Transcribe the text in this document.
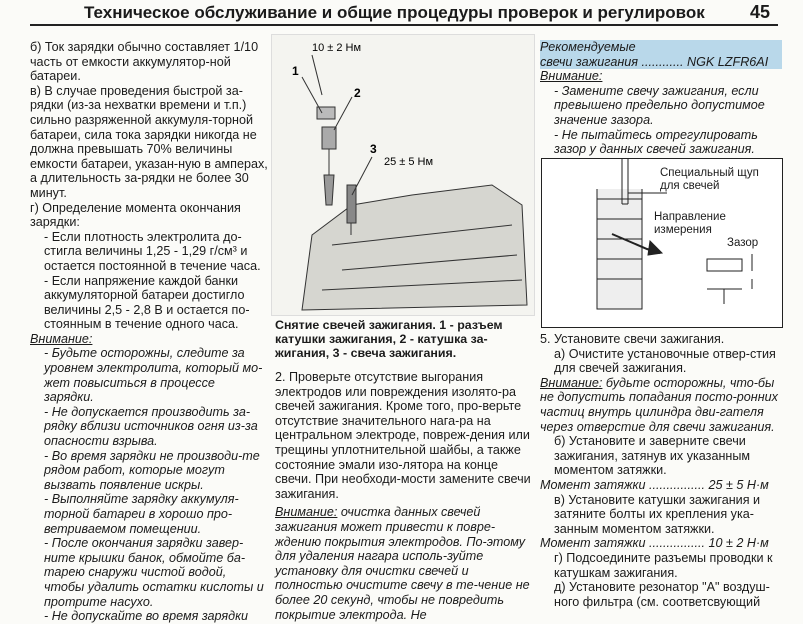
Техническое обслуживание и общие процедуры проверок и регулировок	45

б) Ток зарядки обычно составляет 1/10 часть от емкости аккумулятор-ной батареи.

в) В случае проведения быстрой за-рядки (из-за нехватки времени и т.п.) сильно разряженной аккумуля-торной батареи, сила тока зарядки никогда не должна превышать 70% величины емкости батареи, указан-ную в амперах, а длительность за-рядки не более 30 минут.

г) Определение момента окончания зарядки:

- Если плотность электролита до-стигла величины 1,25 - 1,29 г/см³ и остается постоянной в течение часа.

- Если напряжение каждой банки аккумуляторной батареи достигло величины 2,5 - 2,8 В и остается по-стоянным в течение одного часа.

Внимание:

- Будьте осторожны, следите за уровнем электролита, который мо-жет повыситься в процессе зарядки.

- Не допускается производить за-рядку вблизи источников огня из-за опасности взрыва.

- Во время зарядки не производи-те рядом работ, которые могут вызвать появление искры.

- Выполняйте зарядку аккумуля-торной батареи в хорошо про-ветриваемом помещении.

- После окончания зарядки завер-ните крышки банок, обмойте ба-тарею снаружи чистой водой, чтобы удалить остатки кислоты и протрите насухо.

- Не допускайте во время зарядки

10 ± 2 Нм
25 ± 5 Нм
1
2
3
Снятие свечей зажигания. 1 - разъем катушки зажигания, 2 - катушка за-жигания, 3 - свеча зажигания.

2. Проверьте отсутствие выгорания электродов или повреждения изолято-ра свечей зажигания. Кроме того, про-верьте отсутствие значительного нага-ра на центральном электроде, повреж-дения или трещины уплотнительной шайбы, а также состояние эмали изо-лятора на конце свечи. При необходи-мости замените свечи зажигания.

Внимание: очистка данных свечей зажигания может привести к повре-ждению покрытия электродов. По-этому для удаления нагара исполь-зуйте установку для очистки свечей и полностью очистите свечу в те-чение не более 20 секунд, чтобы не повредить покрытие электрода. Не

Рекомендуемые

свечи зажигания ............ NGK LZFR6AI

Внимание:

- Замените свечу зажигания, если превышено предельно допустимое значение зазора.

- Не пытайтесь отрегулировать зазор у данных свечей зажигания.

Специальный щуп для свечей
Направление измерения
Зазор

5. Установите свечи зажигания.

а) Очистите установочные отвер-стия для свечей зажигания.

Внимание: будьте осторожны, что-бы не допустить попадания посто-ронних частиц внутрь цилиндра дви-гателя через отверстие для свечи зажигания.

б) Установите и заверните свечи зажигания, затянув их указанным моментом затяжки.

Момент затяжки ................ 25 ± 5 Н·м

в) Установите катушки зажигания и затяните болты их крепления ука-занным моментом затяжки.

Момент затяжки ................ 10 ± 2 Н·м

г) Подсоедините разъемы проводки к катушкам зажигания.

д) Установите резонатор "А" воздуш-ного фильтра (см. соответсвующий
